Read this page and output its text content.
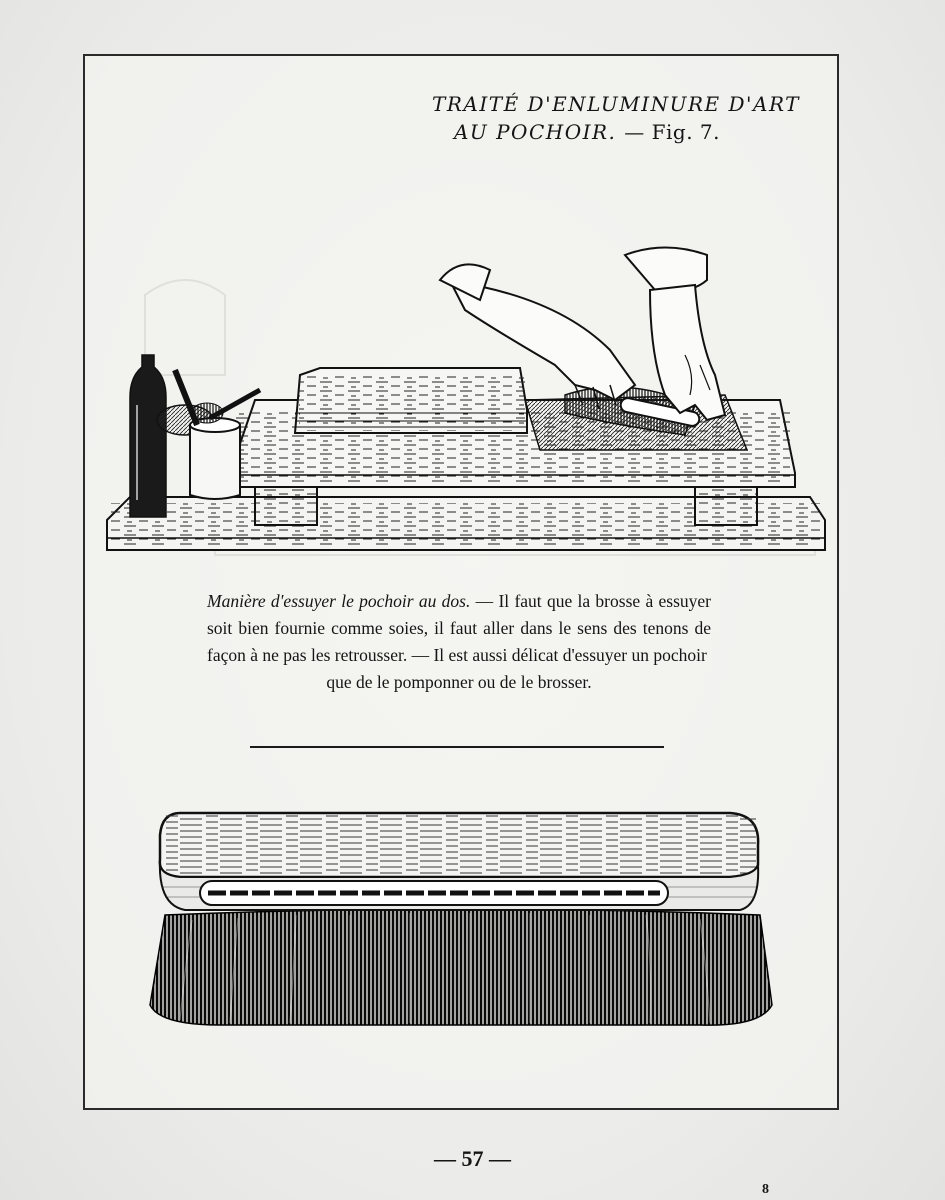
TRAITÉ D'ENLUMINURE D'ART
AU POCHOIR. — Fig. 7.
Manière d'essuyer le pochoir au dos. — Il faut que la brosse à essuyer soit bien fournie comme soies, il faut aller dans le sens des tenons de façon à ne pas les retrousser. — Il est aussi délicat d'essuyer un pochoir
que de le pomponner ou de le brosser.
— 57 —
8
